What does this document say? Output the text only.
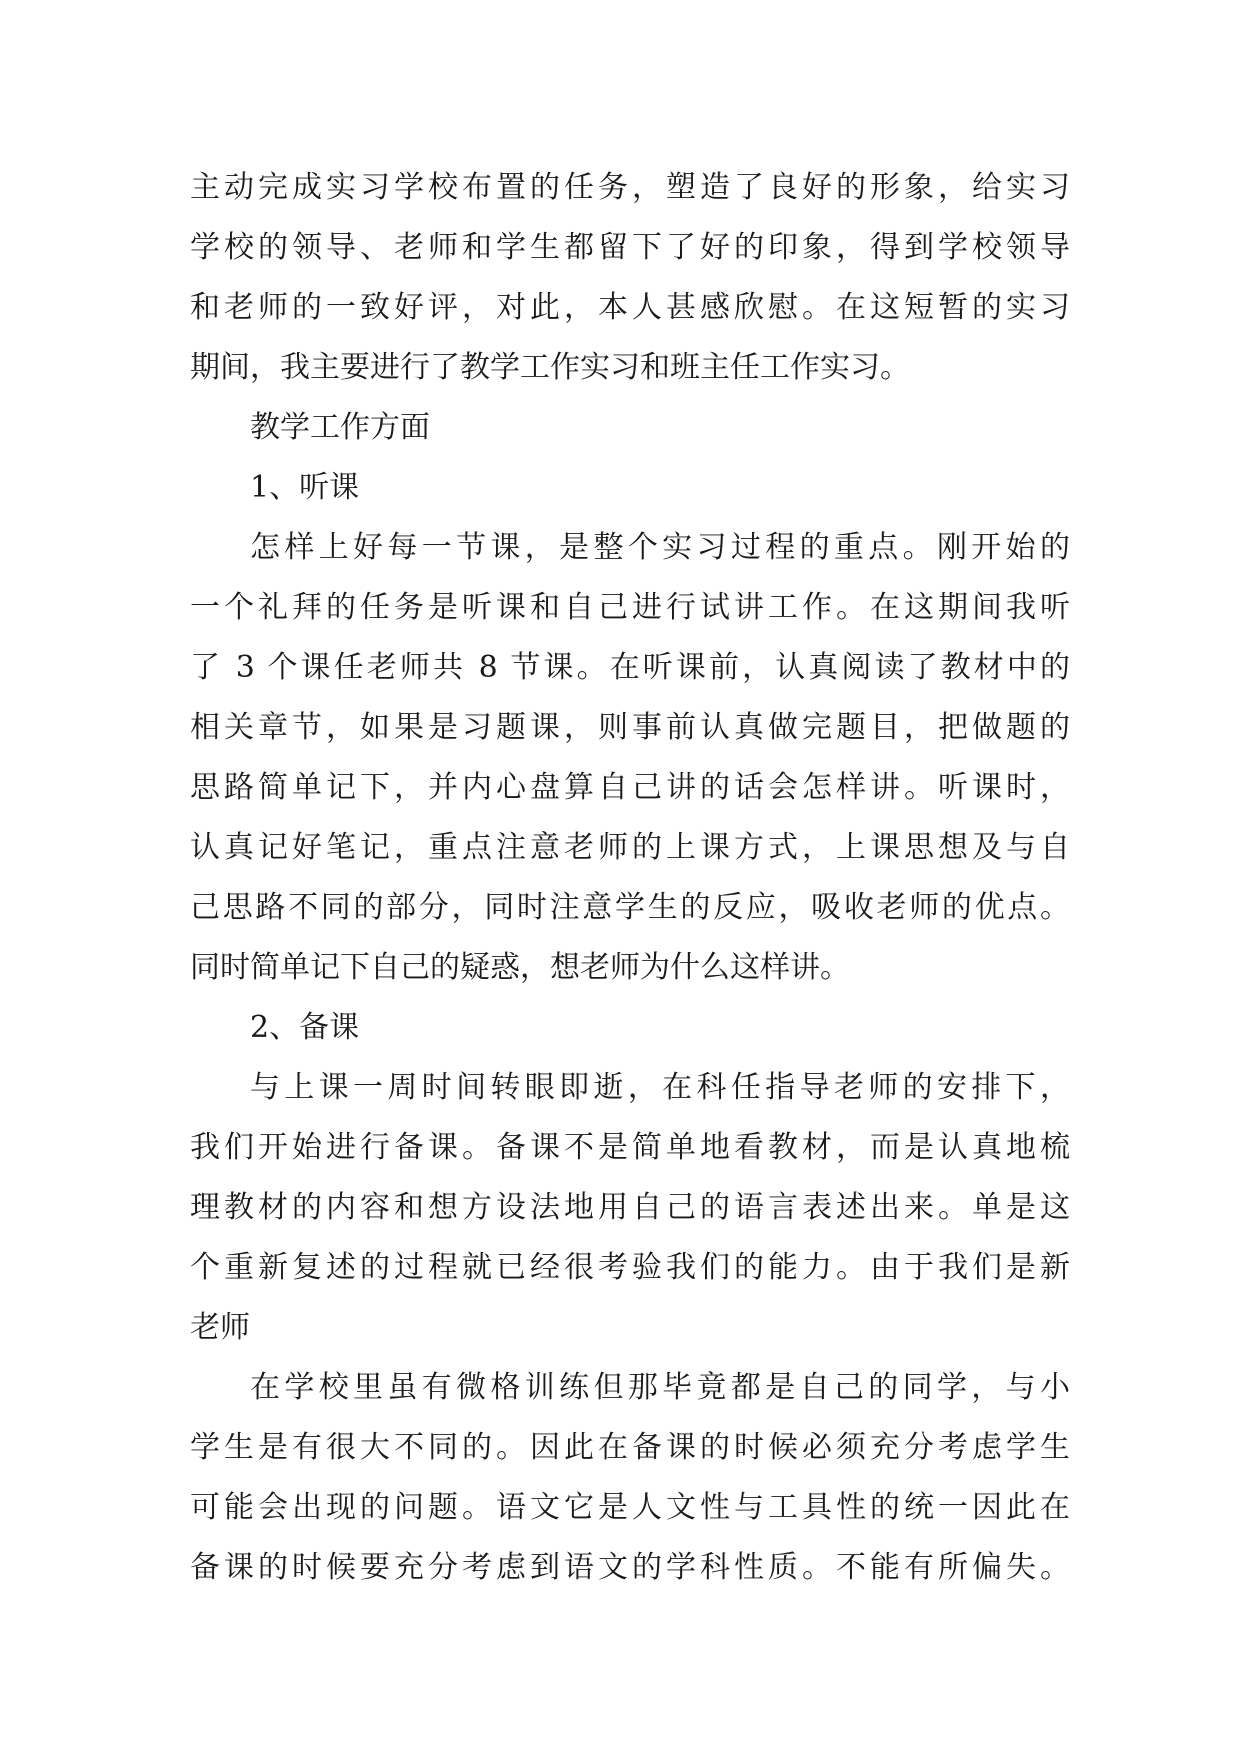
主动完成实习学校布置的任务，塑造了良好的形象，给实习
学校的领导、老师和学生都留下了好的印象，得到学校领导
和老师的一致好评，对此，本人甚感欣慰。在这短暂的实习
期间，我主要进行了教学工作实习和班主任工作实习。
教学工作方面
1、听课
怎样上好每一节课，是整个实习过程的重点。刚开始的
一个礼拜的任务是听课和自己进行试讲工作。在这期间我听
了 3 个课任老师共 8 节课。在听课前，认真阅读了教材中的
相关章节，如果是习题课，则事前认真做完题目，把做题的
思路简单记下，并内心盘算自己讲的话会怎样讲。听课时，
认真记好笔记，重点注意老师的上课方式，上课思想及与自
己思路不同的部分，同时注意学生的反应，吸收老师的优点。
同时简单记下自己的疑惑，想老师为什么这样讲。
2、备课
与上课一周时间转眼即逝，在科任指导老师的安排下，
我们开始进行备课。备课不是简单地看教材，而是认真地梳
理教材的内容和想方设法地用自己的语言表述出来。单是这
个重新复述的过程就已经很考验我们的能力。由于我们是新
老师
在学校里虽有微格训练但那毕竟都是自己的同学，与小
学生是有很大不同的。因此在备课的时候必须充分考虑学生
可能会出现的问题。语文它是人文性与工具性的统一因此在
备课的时候要充分考虑到语文的学科性质。不能有所偏失。
